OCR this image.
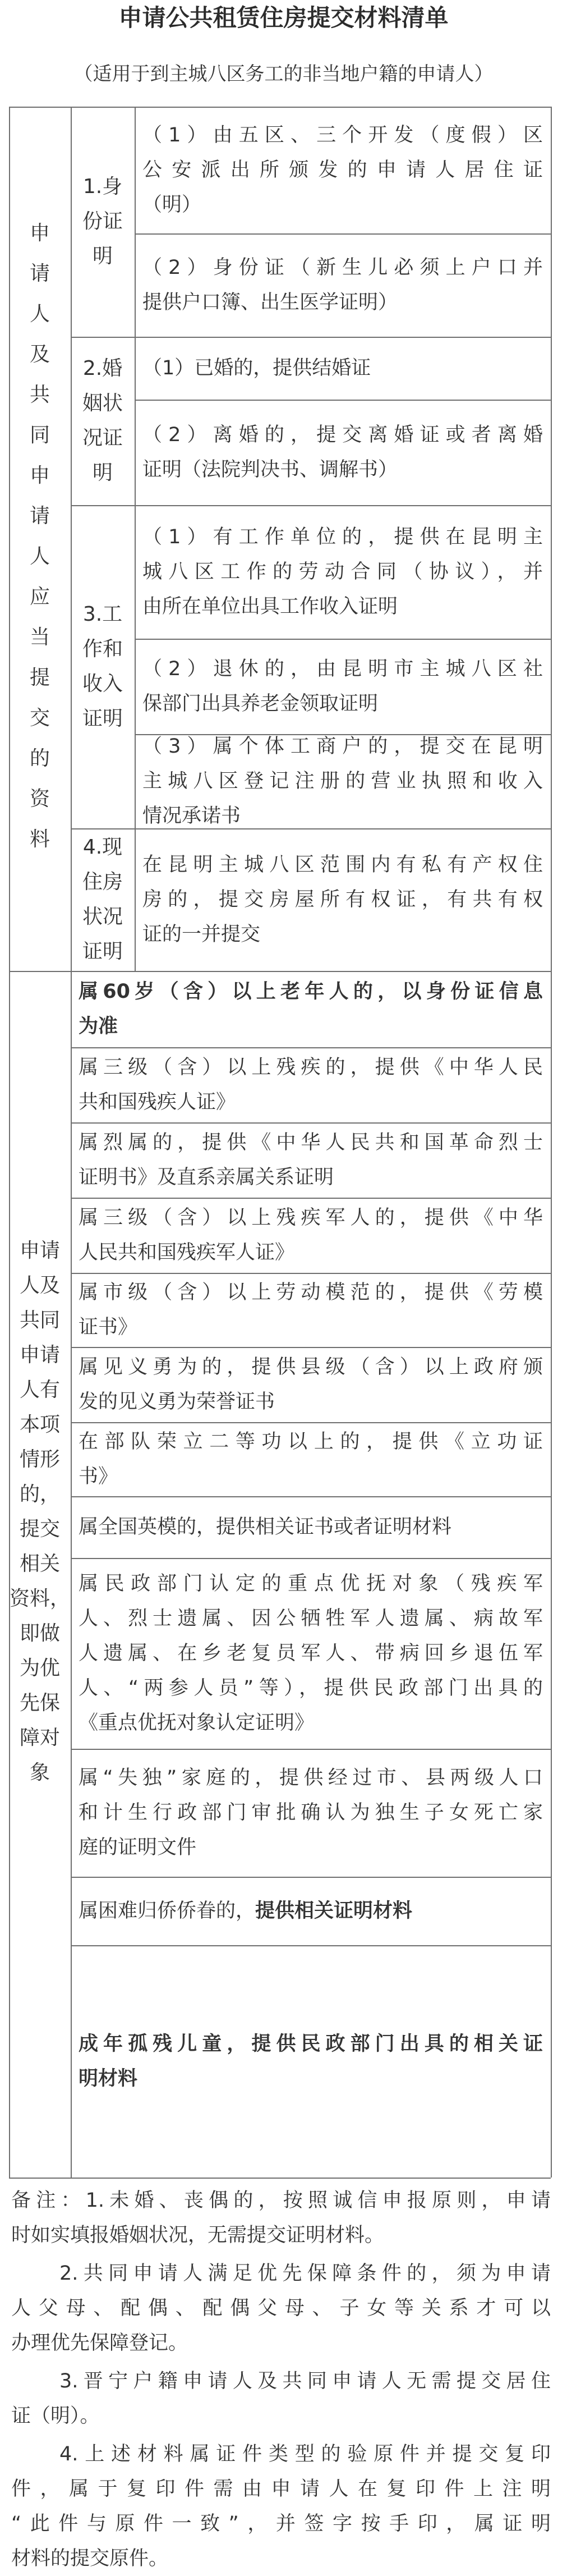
申请公共租赁住房提交材料清单
（适用于到主城八区务工的非当地户籍的申请人）
申
请
人
及
共
同
申
请
人
应
当
提
交
的
资
料
1.身
份证
明
（1）由五区、三个开发（度假）区
公安派出所颁发的申请人居住证
（明）
（2）身份证（新生儿必须上户口并
提供户口簿、出生医学证明）
2.婚
姻状
况证
明
（1）已婚的，提供结婚证
（2）离婚的，提交离婚证或者离婚
证明（法院判决书、调解书）
3.工
作和
收入
证明
（1）有工作单位的，提供在昆明主
城八区工作的劳动合同（协议），并
由所在单位出具工作收入证明
（2）退休的，由昆明市主城八区社
保部门出具养老金领取证明
（3）属个体工商户的，提交在昆明
主城八区登记注册的营业执照和收入
情况承诺书
4.现
住房
状况
证明
在昆明主城八区范围内有私有产权住
房的，提交房屋所有权证，有共有权
证的一并提交
申请
人及
共同
申请
人有
本项
情形
的，
提交
相关
资料，
即做
为优
先保
障对
象
属60岁（含）以上老年人的，以身份证信息
为准
属三级（含）以上残疾的，提供《中华人民
共和国残疾人证》
属烈属的，提供《中华人民共和国革命烈士
证明书》及直系亲属关系证明
属三级（含）以上残疾军人的，提供《中华
人民共和国残疾军人证》
属市级（含）以上劳动模范的，提供《劳模
证书》
属见义勇为的，提供县级（含）以上政府颁
发的见义勇为荣誉证书
在部队荣立二等功以上的，提供《立功证
书》
属全国英模的，提供相关证书或者证明材料
属民政部门认定的重点优抚对象（残疾军
人、烈士遗属、因公牺牲军人遗属、病故军
人遗属、在乡老复员军人、带病回乡退伍军
人、“两参人员”等），提供民政部门出具的
《重点优抚对象认定证明》
属“失独”家庭的，提供经过市、县两级人口
和计生行政部门审批确认为独生子女死亡家
庭的证明文件
属困难归侨侨眷的，提供相关证明材料
成年孤残儿童，提供民政部门出具的相关证
明材料
备注：1.未婚、丧偶的，按照诚信申报原则，申请
时如实填报婚姻状况，无需提交证明材料。
2.共同申请人满足优先保障条件的，须为申请
人父母、配偶、配偶父母、子女等关系才可以
办理优先保障登记。
3.晋宁户籍申请人及共同申请人无需提交居住
证（明）。
4.上述材料属证件类型的验原件并提交复印
件，属于复印件需由申请人在复印件上注明
“此件与原件一致”，并签字按手印，属证明
材料的提交原件。
